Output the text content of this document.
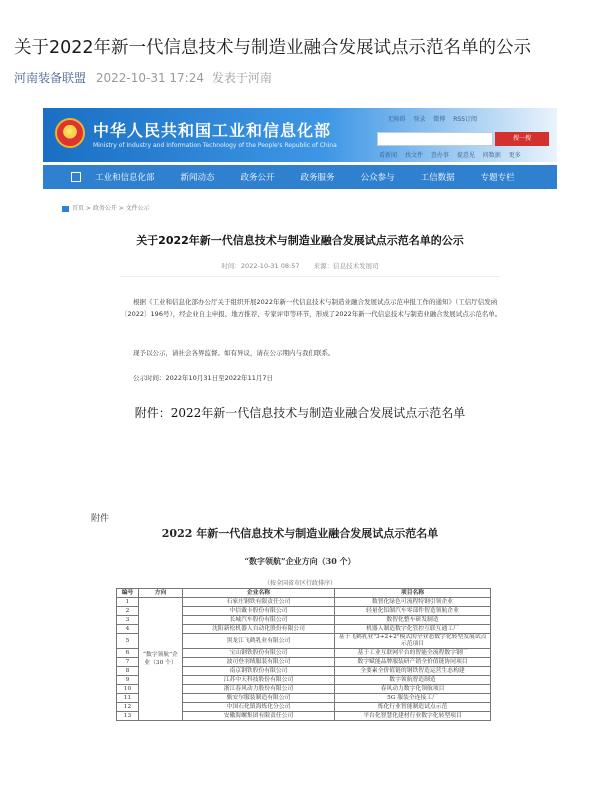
关于2022年新一代信息技术与制造业融合发展试点示范名单的公示
河南装备联盟 2022-10-31 17:24 发表于河南
★
中华人民共和国工业和信息化部
Ministry of Industry and Information Technology of the People's Republic of China
无障碍 登录 微博 RSS订阅
搜一搜
看新闻 找文件 查办事 提意见 问数据 更多
工业和信息化部	新闻动态	政务公开	政务服务	公众参与	工信数据	专题专栏
首页 > 政务公开 > 文件公示
关于2022年新一代信息技术与制造业融合发展试点示范名单的公示
时间：2022-10-31 08:57 来源：信息技术发展司

根据《工业和信息化部办公厅关于组织开展2022年新一代信息技术与制造业融合发展试点示范申报工作的通知》（工信厅信发函〔2022〕196号），经企业自主申报、地方推荐、专家评审等环节，形成了2022年新一代信息技术与制造业融合发展试点示范名单。

现予以公示，请社会各界监督。如有异议，请在公示期内与我们联系。

公示时间：2022年10月31日至2022年11月7日

附件：2022年新一代信息技术与制造业融合发展试点示范名单
附件
2022 年新一代信息技术与制造业融合发展试点示范名单
“数字领航”企业方向（30 个）
（按全国省市区行政排序）
编号	方向	企业名称	项目名称
1	“数字领航”企业（30 个）	石家庄钢铁有限责任公司	数智化绿色可流程特钢引领企业
2		中信戴卡股份有限公司	轻量化铝制汽车零部件智造领航企业
3		长城汽车股份有限公司	数智化整车研发制造
4		沈阳新松机器人自动化股份有限公司	机器人制造数字化管控互联互通工厂
5		黑龙江飞鹤乳业有限公司	基于飞鹤乳业"3+2+2"模式的全业态数字化转型发展试点示范项目
6		宝山钢铁股份有限公司	基于工业互联网平台的智能全流程数字钢厂
7		波司登羽绒服装有限公司	数字赋能品牌服装研产销全价值链协同项目
8		南京钢铁股份有限公司	全要素全价值链的钢铁智造运营生态构建
9		江苏中天科技股份有限公司	数字领航智造制造
10		浙江春风动力股份有限公司	春风动力数字化领航项目
11		甄安尔服装制造有限公司	5G 服装全连接工厂
12		中国石化镇海炼化分公司	炼化行业智能制造试点示范
13		安徽海螺集团有限责任公司	平台化智慧化建材行业数字化转型项目
